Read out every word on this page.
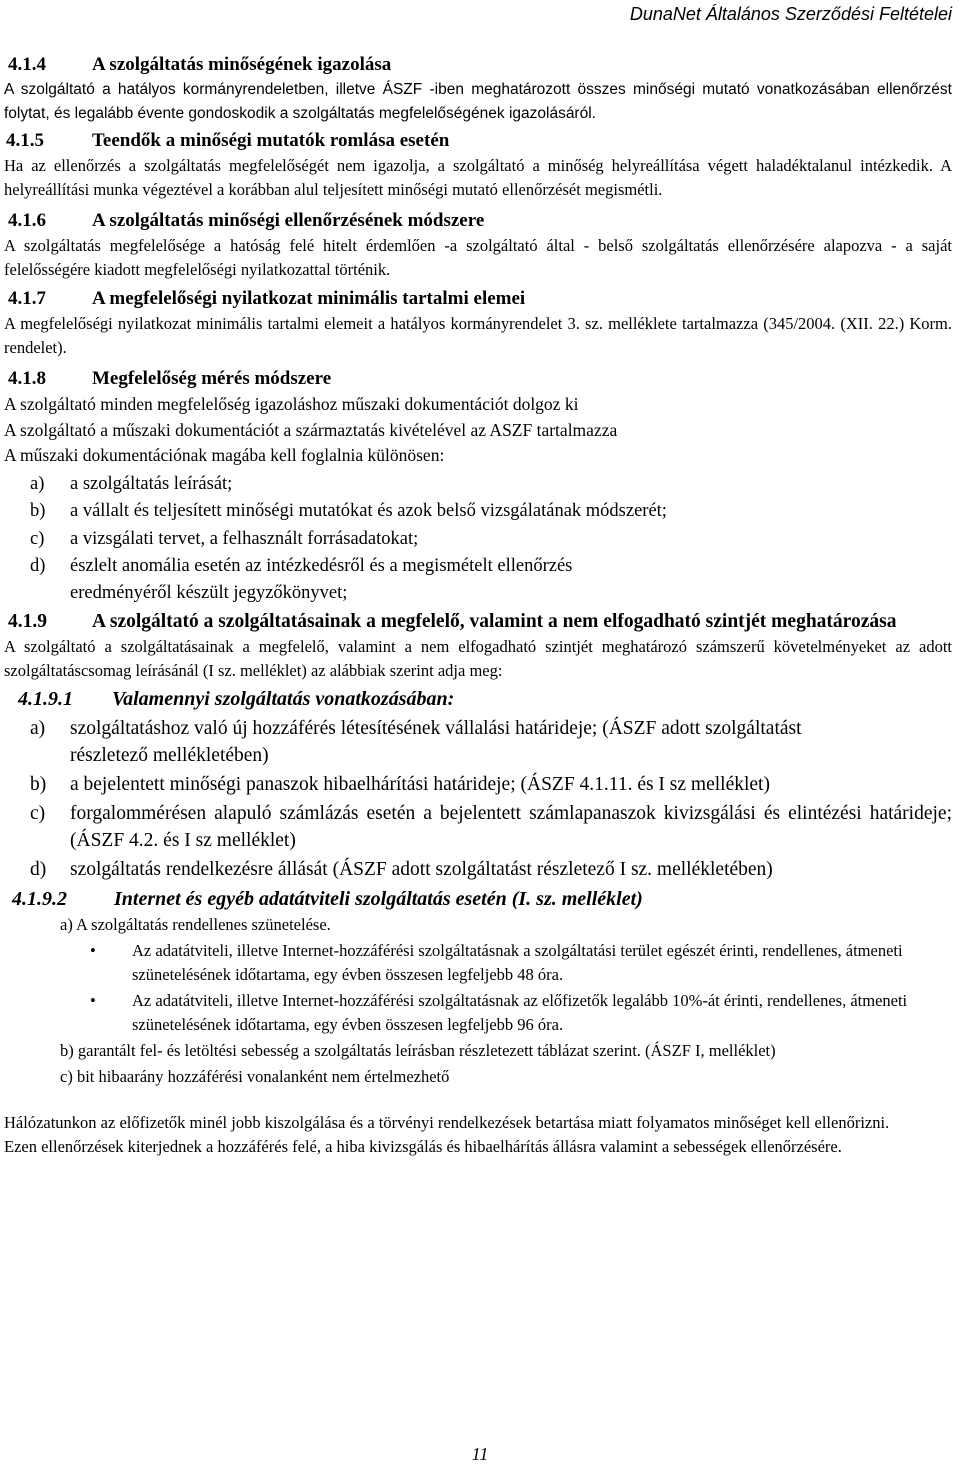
DunaNet Általános Szerződési Feltételei

4.1.4 A szolgáltatás minőségének igazolása

A szolgáltató a hatályos kormányrendeletben, illetve ÁSZF -iben meghatározott összes minőségi mutató vonatkozásában ellenőrzést folytat, és legalább évente gondoskodik a szolgáltatás megfelelőségének igazolásáról.

4.1.5	Teendők a minőségi mutatók romlása esetén

Ha az ellenőrzés a szolgáltatás megfelelőségét nem igazolja, a szolgáltató a minőség helyreállítása végett haladéktalanul intézkedik. A helyreállítási munka végeztével a korábban alul teljesített minőségi mutató ellenőrzését megismétli.

4.1.6 A szolgáltatás minőségi ellenőrzésének módszere

A szolgáltatás megfelelősége a hatóság felé hitelt érdemlően -a szolgáltató által - belső szolgáltatás ellenőrzésére alapozva - a saját felelősségére kiadott megfelelőségi nyilatkozattal történik.

4.1.7 A megfelelőségi nyilatkozat minimális tartalmi elemei

A megfelelőségi nyilatkozat minimális tartalmi elemeit a hatályos kormányrendelet 3. sz. melléklete tartalmazza (345/2004. (XII. 22.) Korm. rendelet).

4.1.8 Megfelelőség mérés módszere

A szolgáltató minden megfelelőség igazoláshoz műszaki dokumentációt dolgoz ki

A szolgáltató a műszaki dokumentációt a származtatás kivételével az ASZF tartalmazza

A műszaki dokumentációnak magába kell foglalnia különösen:

a)	a szolgáltatás leírását;
b)	a vállalt és teljesített minőségi mutatókat és azok belső vizsgálatának módszerét;
c)	a vizsgálati tervet, a felhasznált forrásadatokat;
d)	észlelt anomália esetén az intézkedésről és a megismételt ellenőrzés eredményéről készült jegyzőkönyvet;

4.1.9 A szolgáltató a szolgáltatásainak a megfelelő, valamint a nem elfogadható szintjét meghatározása

A szolgáltató a szolgáltatásainak a megfelelő, valamint a nem elfogadható szintjét meghatározó számszerű követelményeket az adott szolgáltatáscsomag leírásánál (I sz. melléklet) az alábbiak szerint adja meg:

4.1.9.1 Valamennyi szolgáltatás vonatkozásában:

a)	szolgáltatáshoz való új hozzáférés létesítésének vállalási határideje; (ÁSZF adott szolgáltatást részletező mellékletében)
b)	a bejelentett minőségi panaszok hibaelhárítási határideje; (ÁSZF 4.1.11. és I sz melléklet)
c)	forgalommérésen alapuló számlázás esetén a bejelentett számlapanaszok kivizsgálási és elintézési határideje; (ÁSZF 4.2. és I sz melléklet)
d)	szolgáltatás rendelkezésre állását (ÁSZF adott szolgáltatást részletező I sz. mellékletében)

4.1.9.2 Internet és egyéb adatátviteli szolgáltatás esetén (I. sz. melléklet)

a) A szolgáltatás rendellenes szünetelése.

•	Az adatátviteli, illetve Internet-hozzáférési szolgáltatásnak a szolgáltatási terület egészét érinti, rendellenes, átmeneti szünetelésének időtartama, egy évben összesen legfeljebb 48 óra.
•	Az adatátviteli, illetve Internet-hozzáférési szolgáltatásnak az előfizetők legalább 10%-át érinti, rendellenes, átmeneti szünetelésének időtartama, egy évben összesen legfeljebb 96 óra.

b) garantált fel- és letöltési sebesség a szolgáltatás leírásban részletezett táblázat szerint. (ÁSZF I, melléklet)

c) bit hibaarány hozzáférési vonalanként nem értelmezhető

Hálózatunkon az előfizetők minél jobb kiszolgálása és a törvényi rendelkezések betartása miatt folyamatos minőséget kell ellenőrizni.

Ezen ellenőrzések kiterjednek a hozzáférés felé, a hiba kivizsgálás és hibaelhárítás állásra valamint a sebességek ellenőrzésére.

11
